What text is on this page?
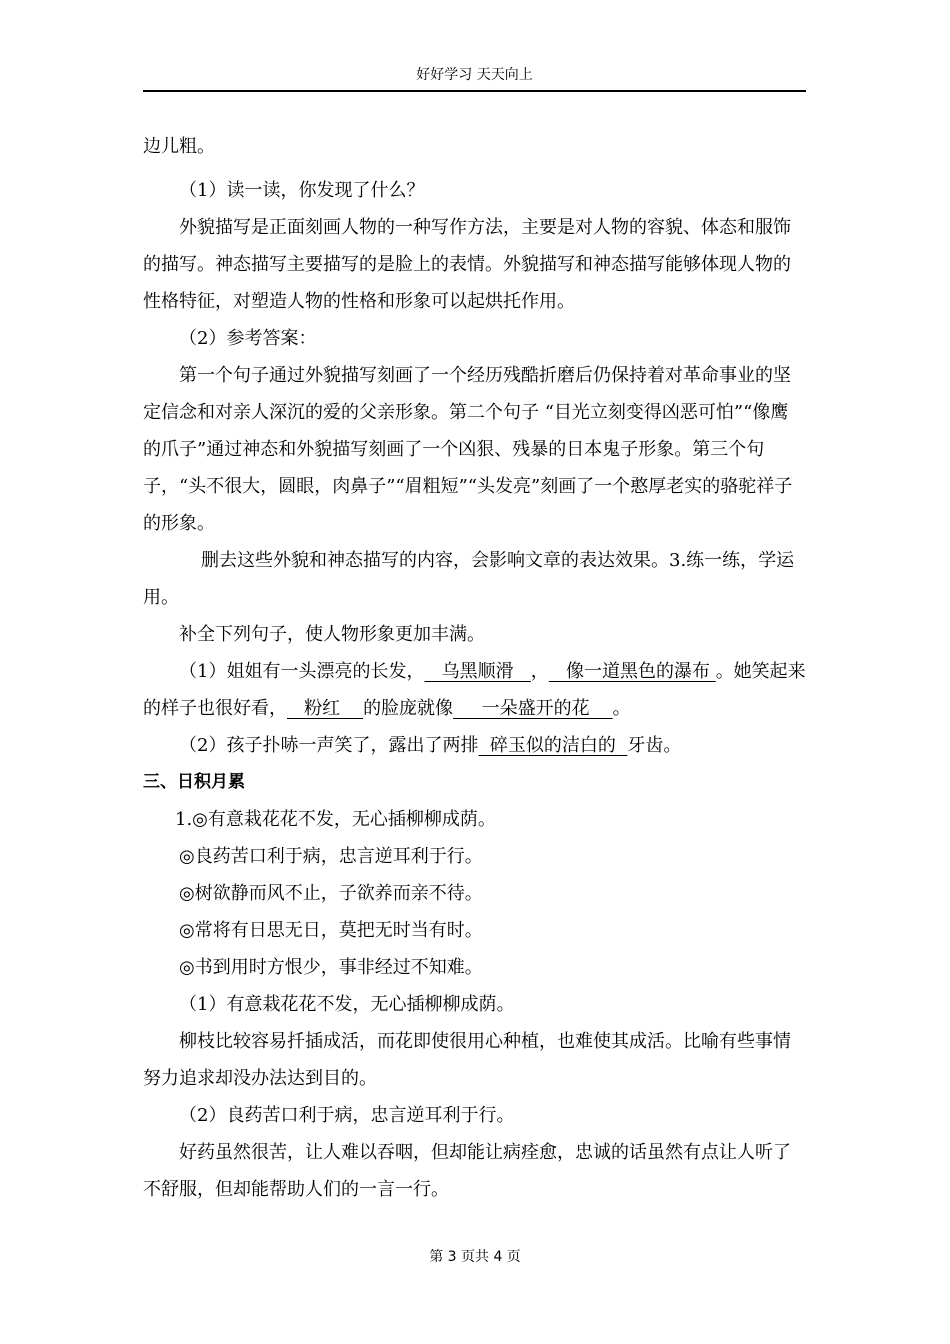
好好学习 天天向上

边儿粗。

（1）读一读，你发现了什么？

外貌描写是正面刻画人物的一种写作方法，主要是对人物的容貌、体态和服饰的描写。神态描写主要描写的是脸上的表情。外貌描写和神态描写能够体现人物的性格特征，对塑造人物的性格和形象可以起烘托作用。

（2）参考答案：

第一个句子通过外貌描写刻画了一个经历残酷折磨后仍保持着对革命事业的坚定信念和对亲人深沉的爱的父亲形象。第二个句子 “目光立刻变得凶恶可怕”“像鹰的爪子”通过神态和外貌描写刻画了一个凶狠、残暴的日本鬼子形象。第三个句子，“头不很大，圆眼，肉鼻子”“眉粗短”“头发亮”刻画了一个憨厚老实的骆驼祥子的形象。

删去这些外貌和神态描写的内容，会影响文章的表达效果。3.练一练，学运用。

补全下列句子，使人物形象更加丰满。

（1）姐姐有一头漂亮的长发，   乌黑顺滑   ，   像一道黑色的瀑布 。她笑起来的样子也很好看，   粉红    的脸庞就像     一朵盛开的花    。

（2）孩子扑哧一声笑了，露出了两排  碎玉似的洁白的  牙齿。

三、日积月累

1.◎有意栽花花不发，无心插柳柳成荫。

◎良药苦口利于病，忠言逆耳利于行。

◎树欲静而风不止，子欲养而亲不待。

◎常将有日思无日，莫把无时当有时。

◎书到用时方恨少，事非经过不知难。

（1）有意栽花花不发，无心插柳柳成荫。

柳枝比较容易扦插成活，而花即使很用心种植，也难使其成活。比喻有些事情努力追求却没办法达到目的。

（2）良药苦口利于病，忠言逆耳利于行。

好药虽然很苦，让人难以吞咽，但却能让病痊愈，忠诚的话虽然有点让人听了不舒服，但却能帮助人们的一言一行。

第 3 页共 4 页
